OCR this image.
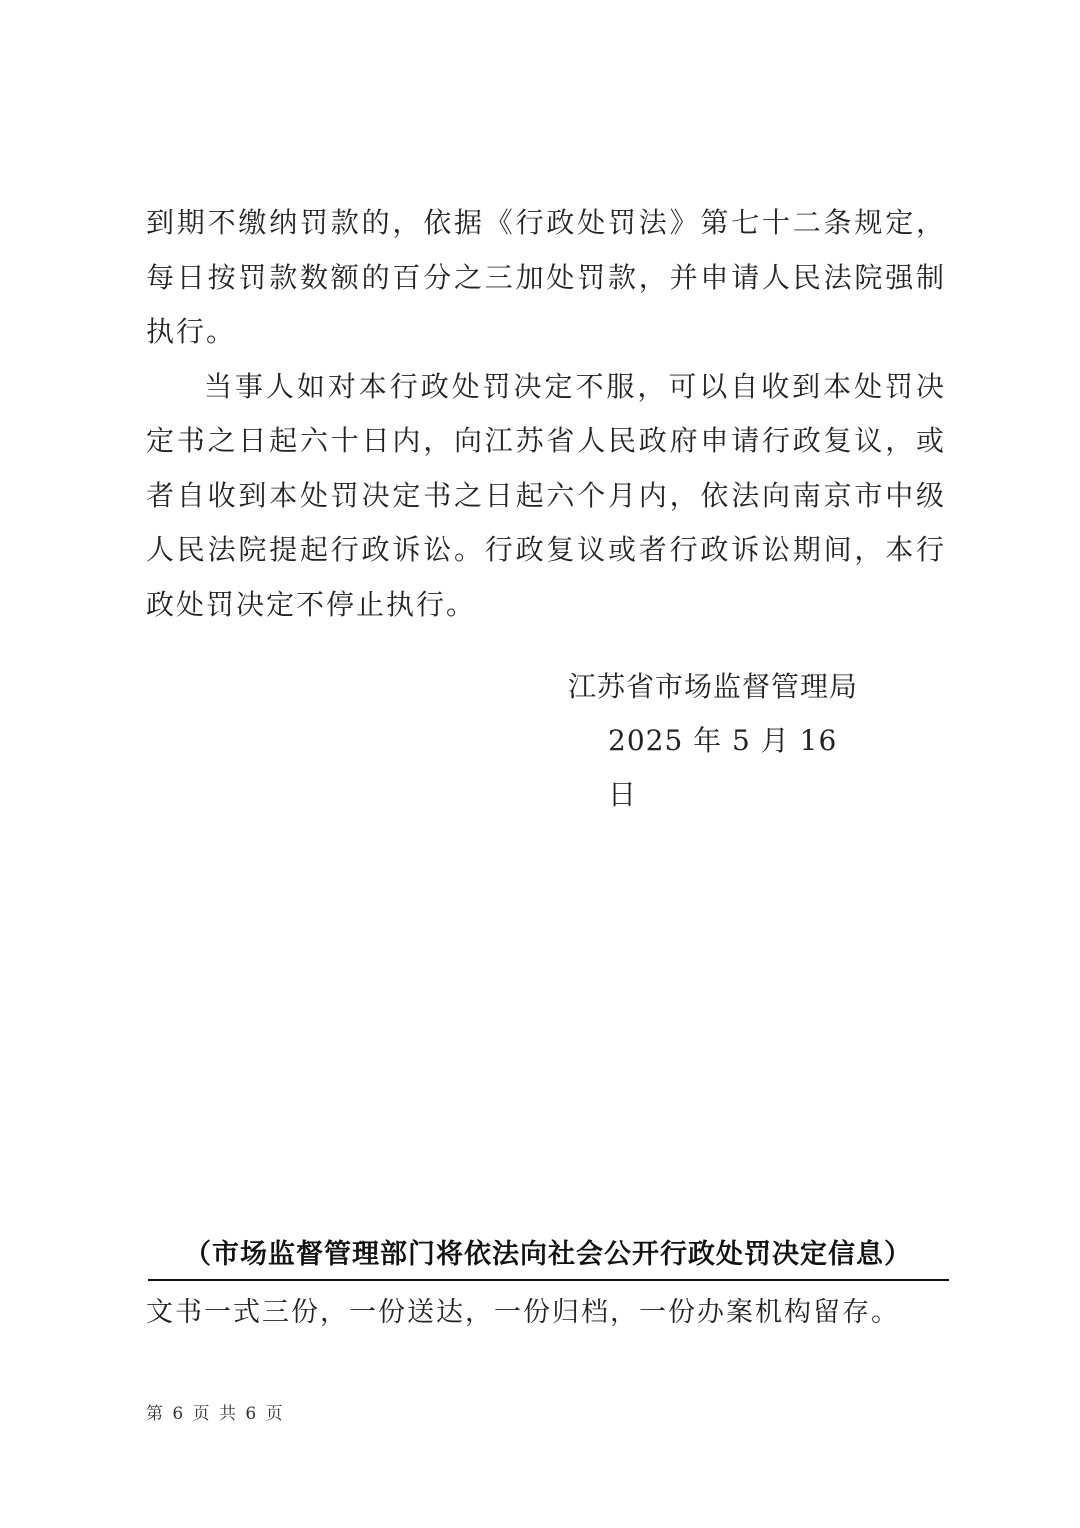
到期不缴纳罚款的，依据《行政处罚法》第七十二条规定，每日按罚款数额的百分之三加处罚款，并申请人民法院强制执行。

当事人如对本行政处罚决定不服，可以自收到本处罚决定书之日起六十日内，向江苏省人民政府申请行政复议，或者自收到本处罚决定书之日起六个月内，依法向南京市中级人民法院提起行政诉讼。行政复议或者行政诉讼期间，本行政处罚决定不停止执行。

江苏省市场监督管理局
2025 年 5 月 16 日
（市场监督管理部门将依法向社会公开行政处罚决定信息）
文书一式三份，一份送达，一份归档，一份办案机构留存。
第 6 页 共 6 页
